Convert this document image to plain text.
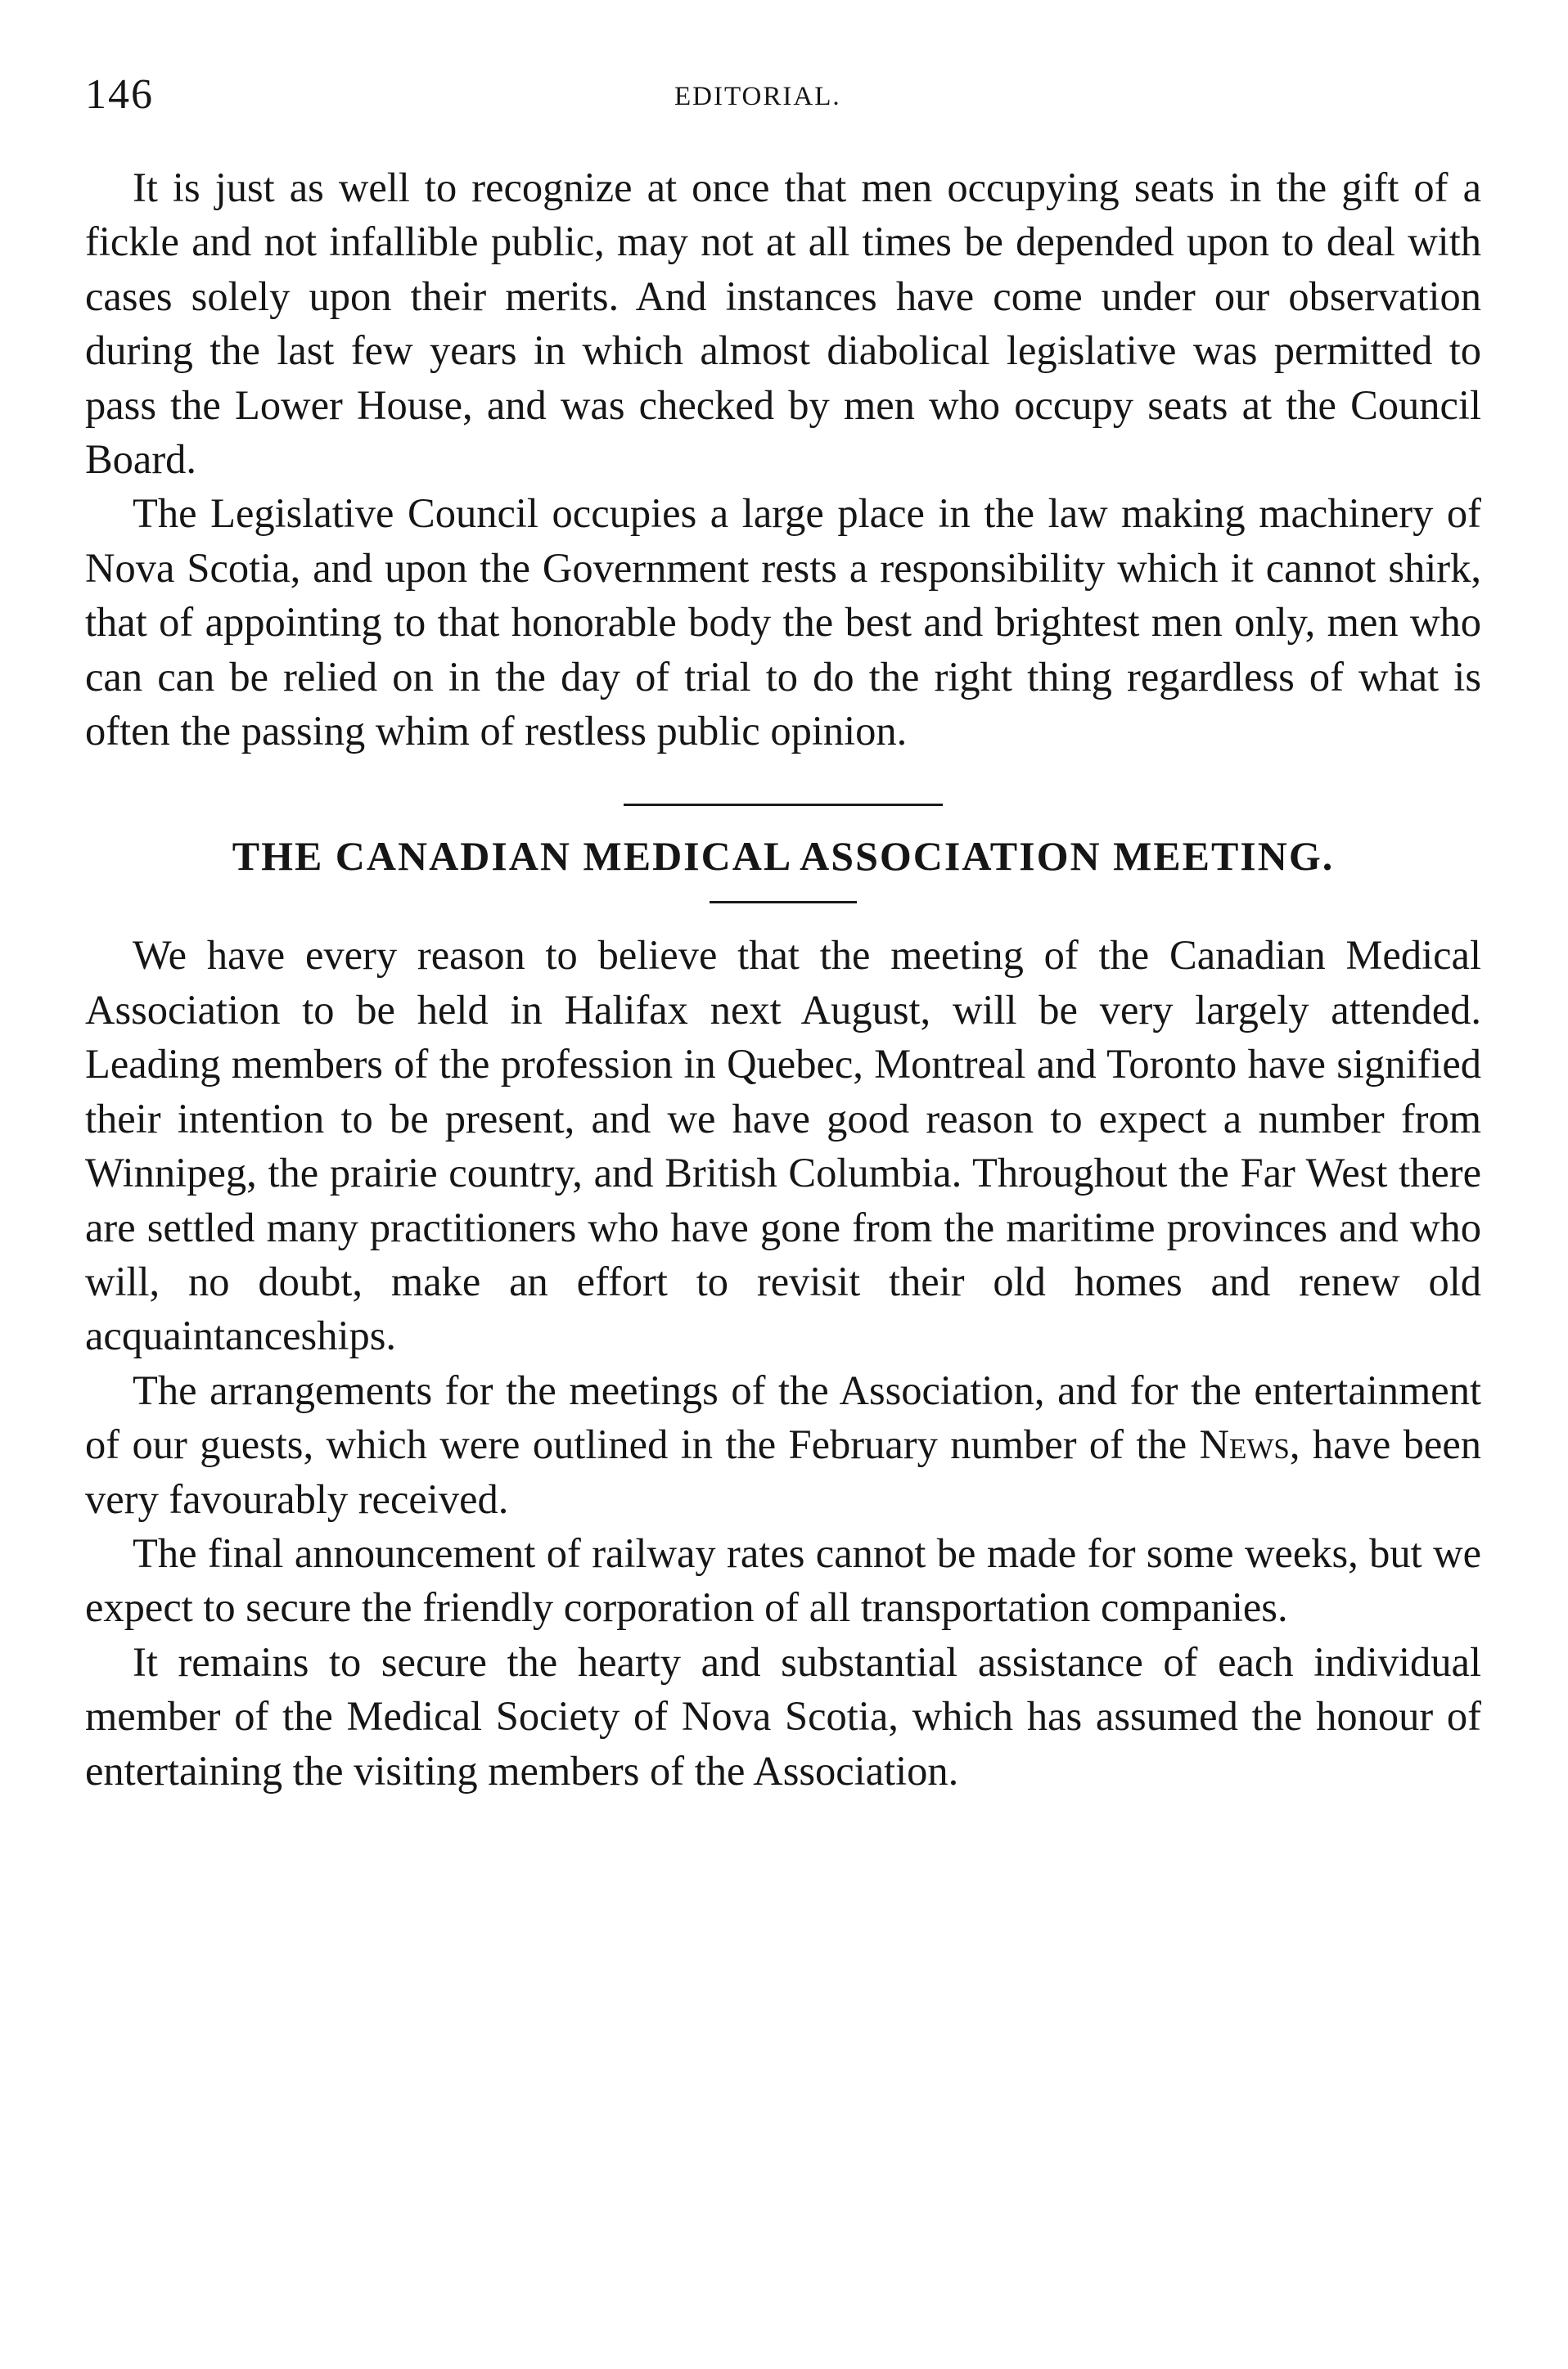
146	EDITORIAL.

It is just as well to recognize at once that men occupying seats in the gift of a fickle and not infallible public, may not at all times be depended upon to deal with cases solely upon their merits. And instances have come under our observation during the last few years in which almost diabolical legislative was permitted to pass the Lower House, and was checked by men who occupy seats at the Council Board.

The Legislative Council occupies a large place in the law making machinery of Nova Scotia, and upon the Government rests a responsibility which it cannot shirk, that of appointing to that honorable body the best and brightest men only, men who can can be relied on in the day of trial to do the right thing regardless of what is often the passing whim of restless public opinion.

THE CANADIAN MEDICAL ASSOCIATION MEETING.

We have every reason to believe that the meeting of the Canadian Medical Association to be held in Halifax next August, will be very largely attended. Leading members of the profession in Quebec, Montreal and Toronto have signified their intention to be present, and we have good reason to expect a number from Winnipeg, the prairie country, and British Columbia. Throughout the Far West there are settled many practitioners who have gone from the maritime provinces and who will, no doubt, make an effort to revisit their old homes and renew old acquaintanceships.

The arrangements for the meetings of the Association, and for the entertainment of our guests, which were outlined in the February number of the News, have been very favourably received.

The final announcement of railway rates cannot be made for some weeks, but we expect to secure the friendly corporation of all transportation companies.

It remains to secure the hearty and substantial assistance of each individual member of the Medical Society of Nova Scotia, which has assumed the honour of entertaining the visiting members of the Association.
